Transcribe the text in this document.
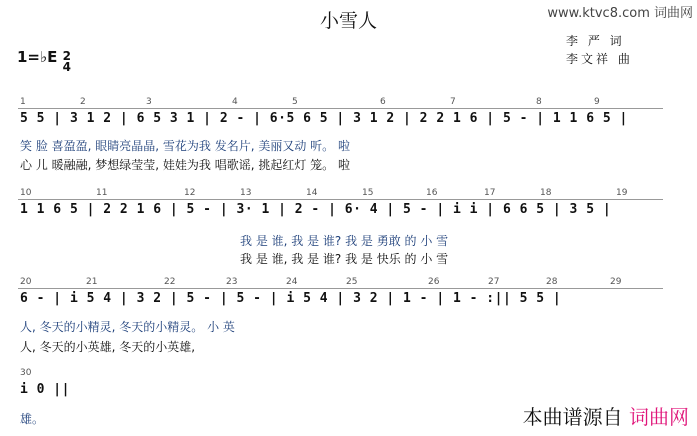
小雪人	www.ktvc8.com 词曲网
1=♭E 2
4
李 严 词
李文祥 曲
1	2	3	4	5	6	7	8	9
5 5 | 3 1 2 | 6 5 3 1 | 2 - | 6·5 6 5 | 3 1 2 | 2 2 1 6 | 5 - | 1 1 6 5 |
笑 脸 喜盈盈, 眼睛亮晶晶, 雪花为我 发名片, 美丽又动 听。 啦
心 儿 暖融融, 梦想绿莹莹, 娃娃为我 唱歌谣, 挑起红灯 笼。 啦
10	11	12	13	14	15	16	17	18	19
1 1 6 5 | 2 2 1 6 | 5 - | 3· 1 | 2 - | 6· 4 | 5 - | i i | 6 6 5 | 3 5 |
我 是 谁, 我 是 谁? 我 是 勇敢 的 小 雪
我 是 谁, 我 是 谁? 我 是 快乐 的 小 雪
20	21	22	23	24	25	26	27	28	29
6 - | i 5 4 | 3 2 | 5 - | 5 - | i 5 4 | 3 2 | 1 - | 1 - :|| 5 5 |
人, 冬天的小精灵, 冬天的小精灵。 小 英
人, 冬天的小英雄, 冬天的小英雄,
30
i 0 ||
雄。	本曲谱源自 词曲网
